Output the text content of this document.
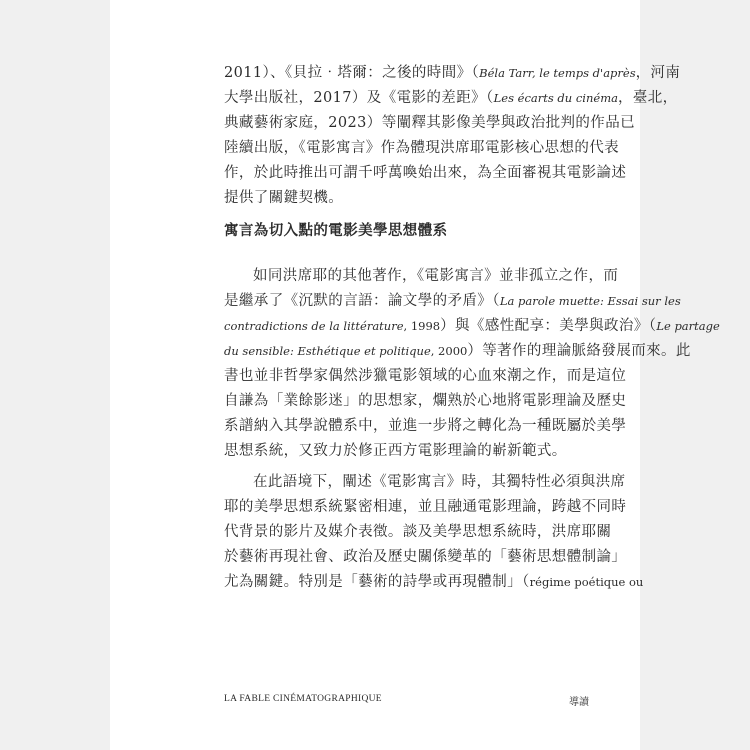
2011）、《貝拉‧塔爾：之後的時間》（Béla Tarr, le temps d'après，河南
大學出版社，2017）及《電影的差距》（Les écarts du cinéma，臺北，
典藏藝術家庭，2023）等闡釋其影像美學與政治批判的作品已
陸續出版，《電影寓言》作為體現洪席耶電影核心思想的代表
作，於此時推出可謂千呼萬喚始出來，為全面審視其電影論述
提供了關鍵契機。
寓言為切入點的電影美學思想體系
如同洪席耶的其他著作，《電影寓言》並非孤立之作，而
是繼承了《沉默的言語：論文學的矛盾》（La parole muette: Essai sur les
contradictions de la littérature, 1998）與《感性配享：美學與政治》（Le partage
du sensible: Esthétique et politique, 2000）等著作的理論脈絡發展而來。此
書也並非哲學家偶然涉獵電影領域的心血來潮之作，而是這位
自謙為「業餘影迷」的思想家，爛熟於心地將電影理論及歷史
系譜納入其學說體系中，並進一步將之轉化為一種既屬於美學
思想系統，又致力於修正西方電影理論的嶄新範式。
在此語境下，闡述《電影寓言》時，其獨特性必須與洪席
耶的美學思想系統緊密相連，並且融通電影理論，跨越不同時
代背景的影片及媒介表徵。談及美學思想系統時，洪席耶關
於藝術再現社會、政治及歷史關係變革的「藝術思想體制論」
尤為關鍵。特別是「藝術的詩學或再現體制」（régime poétique ou
LA FABLE CINÉMATOGRAPHIQUE	導讀
